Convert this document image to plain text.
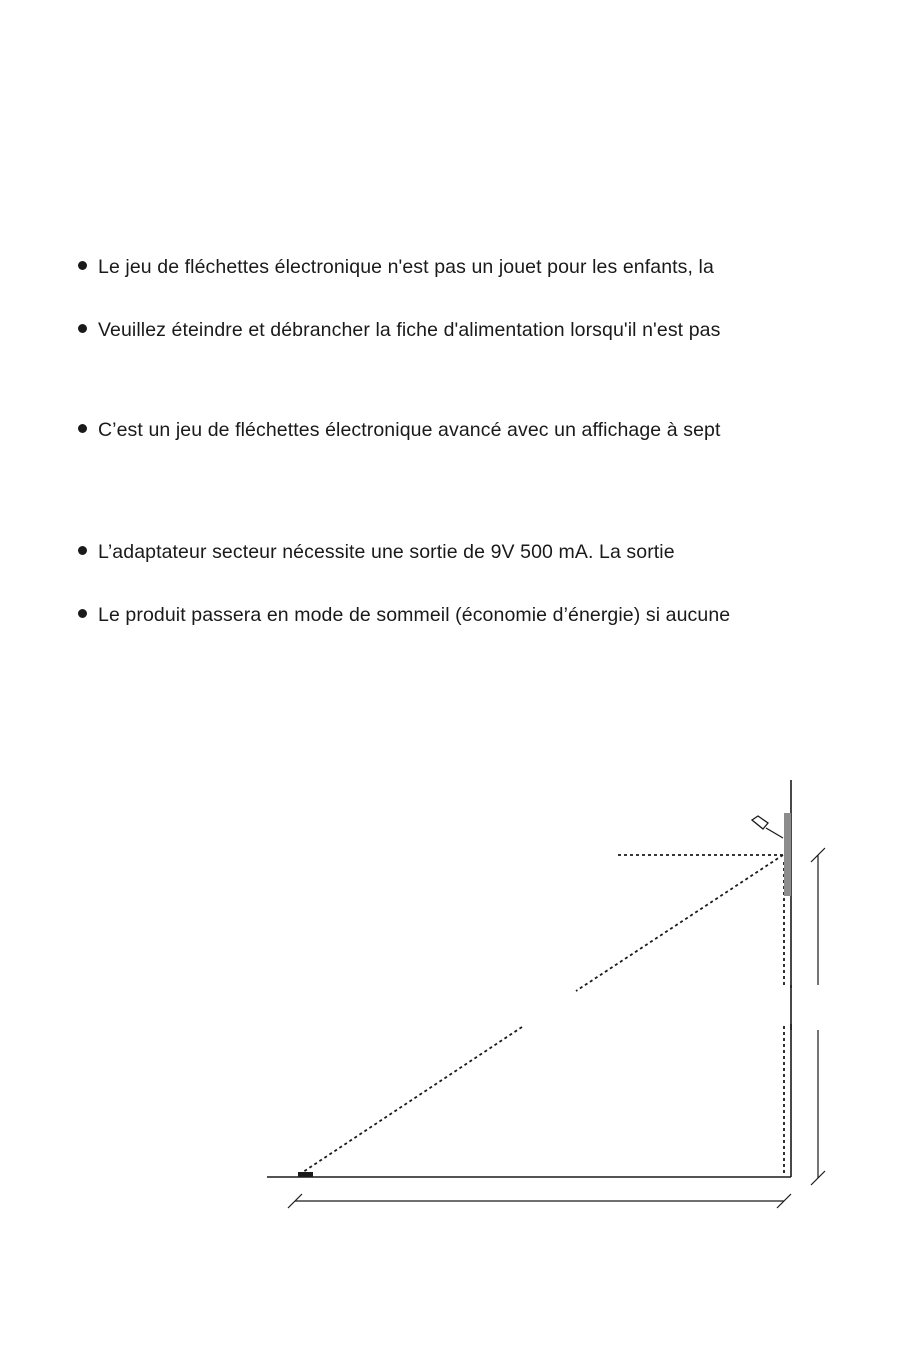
Le jeu de fléchettes électronique n'est pas un jouet pour les enfants, la
Veuillez éteindre et débrancher la fiche d'alimentation lorsqu'il n'est pas
C’est un jeu de fléchettes électronique avancé avec un affichage à sept
L’adaptateur secteur nécessite une sortie de 9V 500 mA. La sortie
Le produit passera en mode de sommeil (économie d’énergie) si aucune
